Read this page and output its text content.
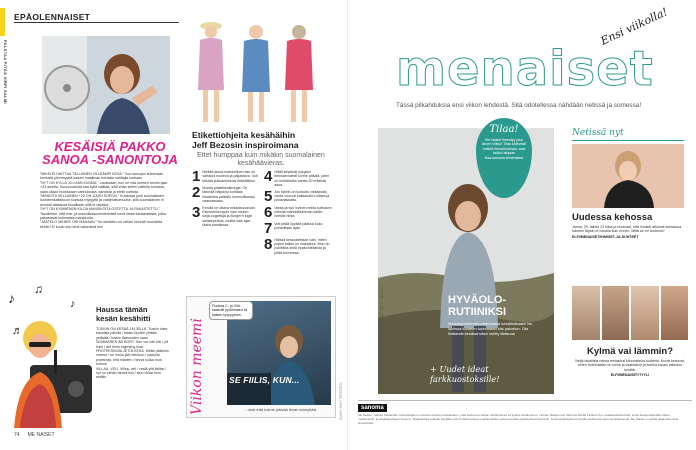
PALSTAA PITÄÄ VIRPI SALMI
EPÄOLENNAISET
KESÄISIÄ PAKKO
SANOA -SANONTOJA

”MIKSI EI HAITTAA TÄLLAINEN VILLEÄMPI KESÄ.” Soo lausujan kokemaan henkisiä ylemmyyttä kaiken maailman turhasta valittajia kohtaan.

”NYT ON KYLLÄ JO LIIAN KUUMA.” Lausutaan, kun on viisi kolmen tunnin ajan +23 astetta. Kuumuudesta saa kyllä valittaa, sillä ehän siitein valitella turhasta, vaan ollaan huolissaan vanhuksista, sanoista ja eteiin kortista.

”MINUSTA SELLAINEN +20 ON JUURI SOPIVA.” Kuvastaa juuri suomalaisen luonteenkaltaisuun sopivaa myrgyttä ja vaatimattomuutta, sillä suomalainen ei arvosta aikaansa kesäiltaan sillä ei rakasta.

”NYT ON KYMMENEN KILOA MANSIKOITA OSTETTU JA PAKASTETTU.” Tavoitellan, että mar- ja mansikkasuunnitelmistä nenä iistaa kansalaisista, jotka pakastavat kotimaista mansikoita.

”JÄÄTELÖ MENEE OHI MAHAAN.” No kesäisin voi vähän hirveää huomioita kehitn! Ei kuulu siis minä vakavissä hei!

♪
♫
♪
♬
Haussa tämän
kesän kesähitti

TUSKIN ON KESÄÄ JÄLJELLÄ. Tuskin tulee kaunista päivää / tuskin löydän yhtään ystävää / tuskin tilaisuuden saan

SOMMAREN ÄR BORT. Den var inte här / på fram / det finns ingenting kvar

PROTEESINJÄLJETÖLKESÄ. Meitin jäätelön mahrut / ne mulla jää meidoon / padonki proteusta, eriä hilarieh / nevva sulaa mun sotuun

VILLAA, VELI. Villaa, veli / veslä yliä ikiliksi / nyt on vähän hirveä koli / stun villaa mun selttiin.

Etikettiohjeita kesähäihin
Jeff Bezosin inspiroimana
Ettet humppaa kuin mikäkin suomalainen kesähäävieras.
1 Nieldiä ainoa mahdollinen asu on vartaloa nuoleva ja paljastava. Voit laikata kukkamekkosi tiskirätikksi.
2 Muista plastiikkakirurgia. On tärkeää häipaina kohtaan ilmaantua paikalle luonnollisessa naamassaan.
3 Emulla on oltava enkkoinukavulo. Esimerkiksi sydö vain mosen soija-nugettaja ja Burger Kingin salaaspettoia, muitta sais ajan täalla mainiksaa.
4 Häält kestävät nykyisin tietusarvioiesti kolme päivää, joten on kohtalaista varata 30 erilaista asua.
5 Jos häihin on kutsuttu vieitaksiila, odota vuorosi kakkukahvi-oltava ja juhlaviakkaita.
6 Varaa ja syö lovinen eriilla suttuaorn mikolla mahdollisimman kalliin kortillle hinta.
7 Voit pitää lippistä päässä koko juhlavillaan ajan.
8 Häissä keskusteltaan vain, miten pojien kaikki on maksanut. Muu on poliittista sekä epäkohteliaista ja pitää tunneissa.
Viikon meemi
Punkaa C- ja Viiti-kaasolit pydinmäen loi kaiken työpyytoon.
SE FIILIS, KUN...
...sisit että koime päivää ilman kämyttää.	KUVAT: SHUTTERSTOCK
74 ME NAISET
menaiset
Ensi viikolla!
Tässä pilkahduksia ensi viikon lehdestä. Sitä odotellessa nähdään netissä ja somessa!
KUVAT: JEREMIE BONVIN-DESGRAIS / ME NAISET, GETTY IMAGES	HYVÄOLO-
RUTIINIKSI
Metsänpeitto/voimattamaasta kesäillaikaasi! Nu luulissa kohteen tuntemaan siis palvelun. Ota lisäkevät kesäkahvilan nelitty tilaisuus
+ Uudet ideat farkkuostoksille!
Tilaa!
Me Naiset ilmestyy joka ikinen viikko! Tilaa kätevästi netistä tietoa/kotimaa, saat lisäksi lahjaan lilaa.sanoma.fi/menaiset
Netissä nyt
Uudessa kehossa
Janna, 29, laihtui 23 kiloa ja huomasi, että ihmiset alkoivat suhtautua häneen täysin eri tavalla kuin ennen. Miltä se on tuntunut?
ELFI/MENAISET/IHMISET-JA-SUHTEET
Kylmä vai lämmin?
Neljä tavallista naista testasivat kiinnostavia tuotteita. Kuvat kertovat, miten hoitohaiden on kuiva ja vaaleatkin ja kuinka kauan vaikutus kestää.
ELFI/MENAISET/TYYLI
sanoma
Me Naiset · Mikoto Vaasanaki, Helsinki/ajat on toinkemuotoinen kustantamo, joka sitoutunut lukijan tuottamiseen eli joskus kesäkuuhun. Lehden tilaajat ovat Sanoma Media Finland Oy:n asiakasrekisterissä, jonka tietoja käytetään tilaus-, markkinointi- ja asiakassuhteen hoitoon. Tilaajatietoja voidaan käyttää myös kohdennettuun markkinointiin sekä luovuttaa yhteistyökumppaneille. Tietosuojakäytännöt löydät osoitteesta sanoma.fi/tietosuoja. Me Naiset ei vastaa tilaamattomista aineistoista.
